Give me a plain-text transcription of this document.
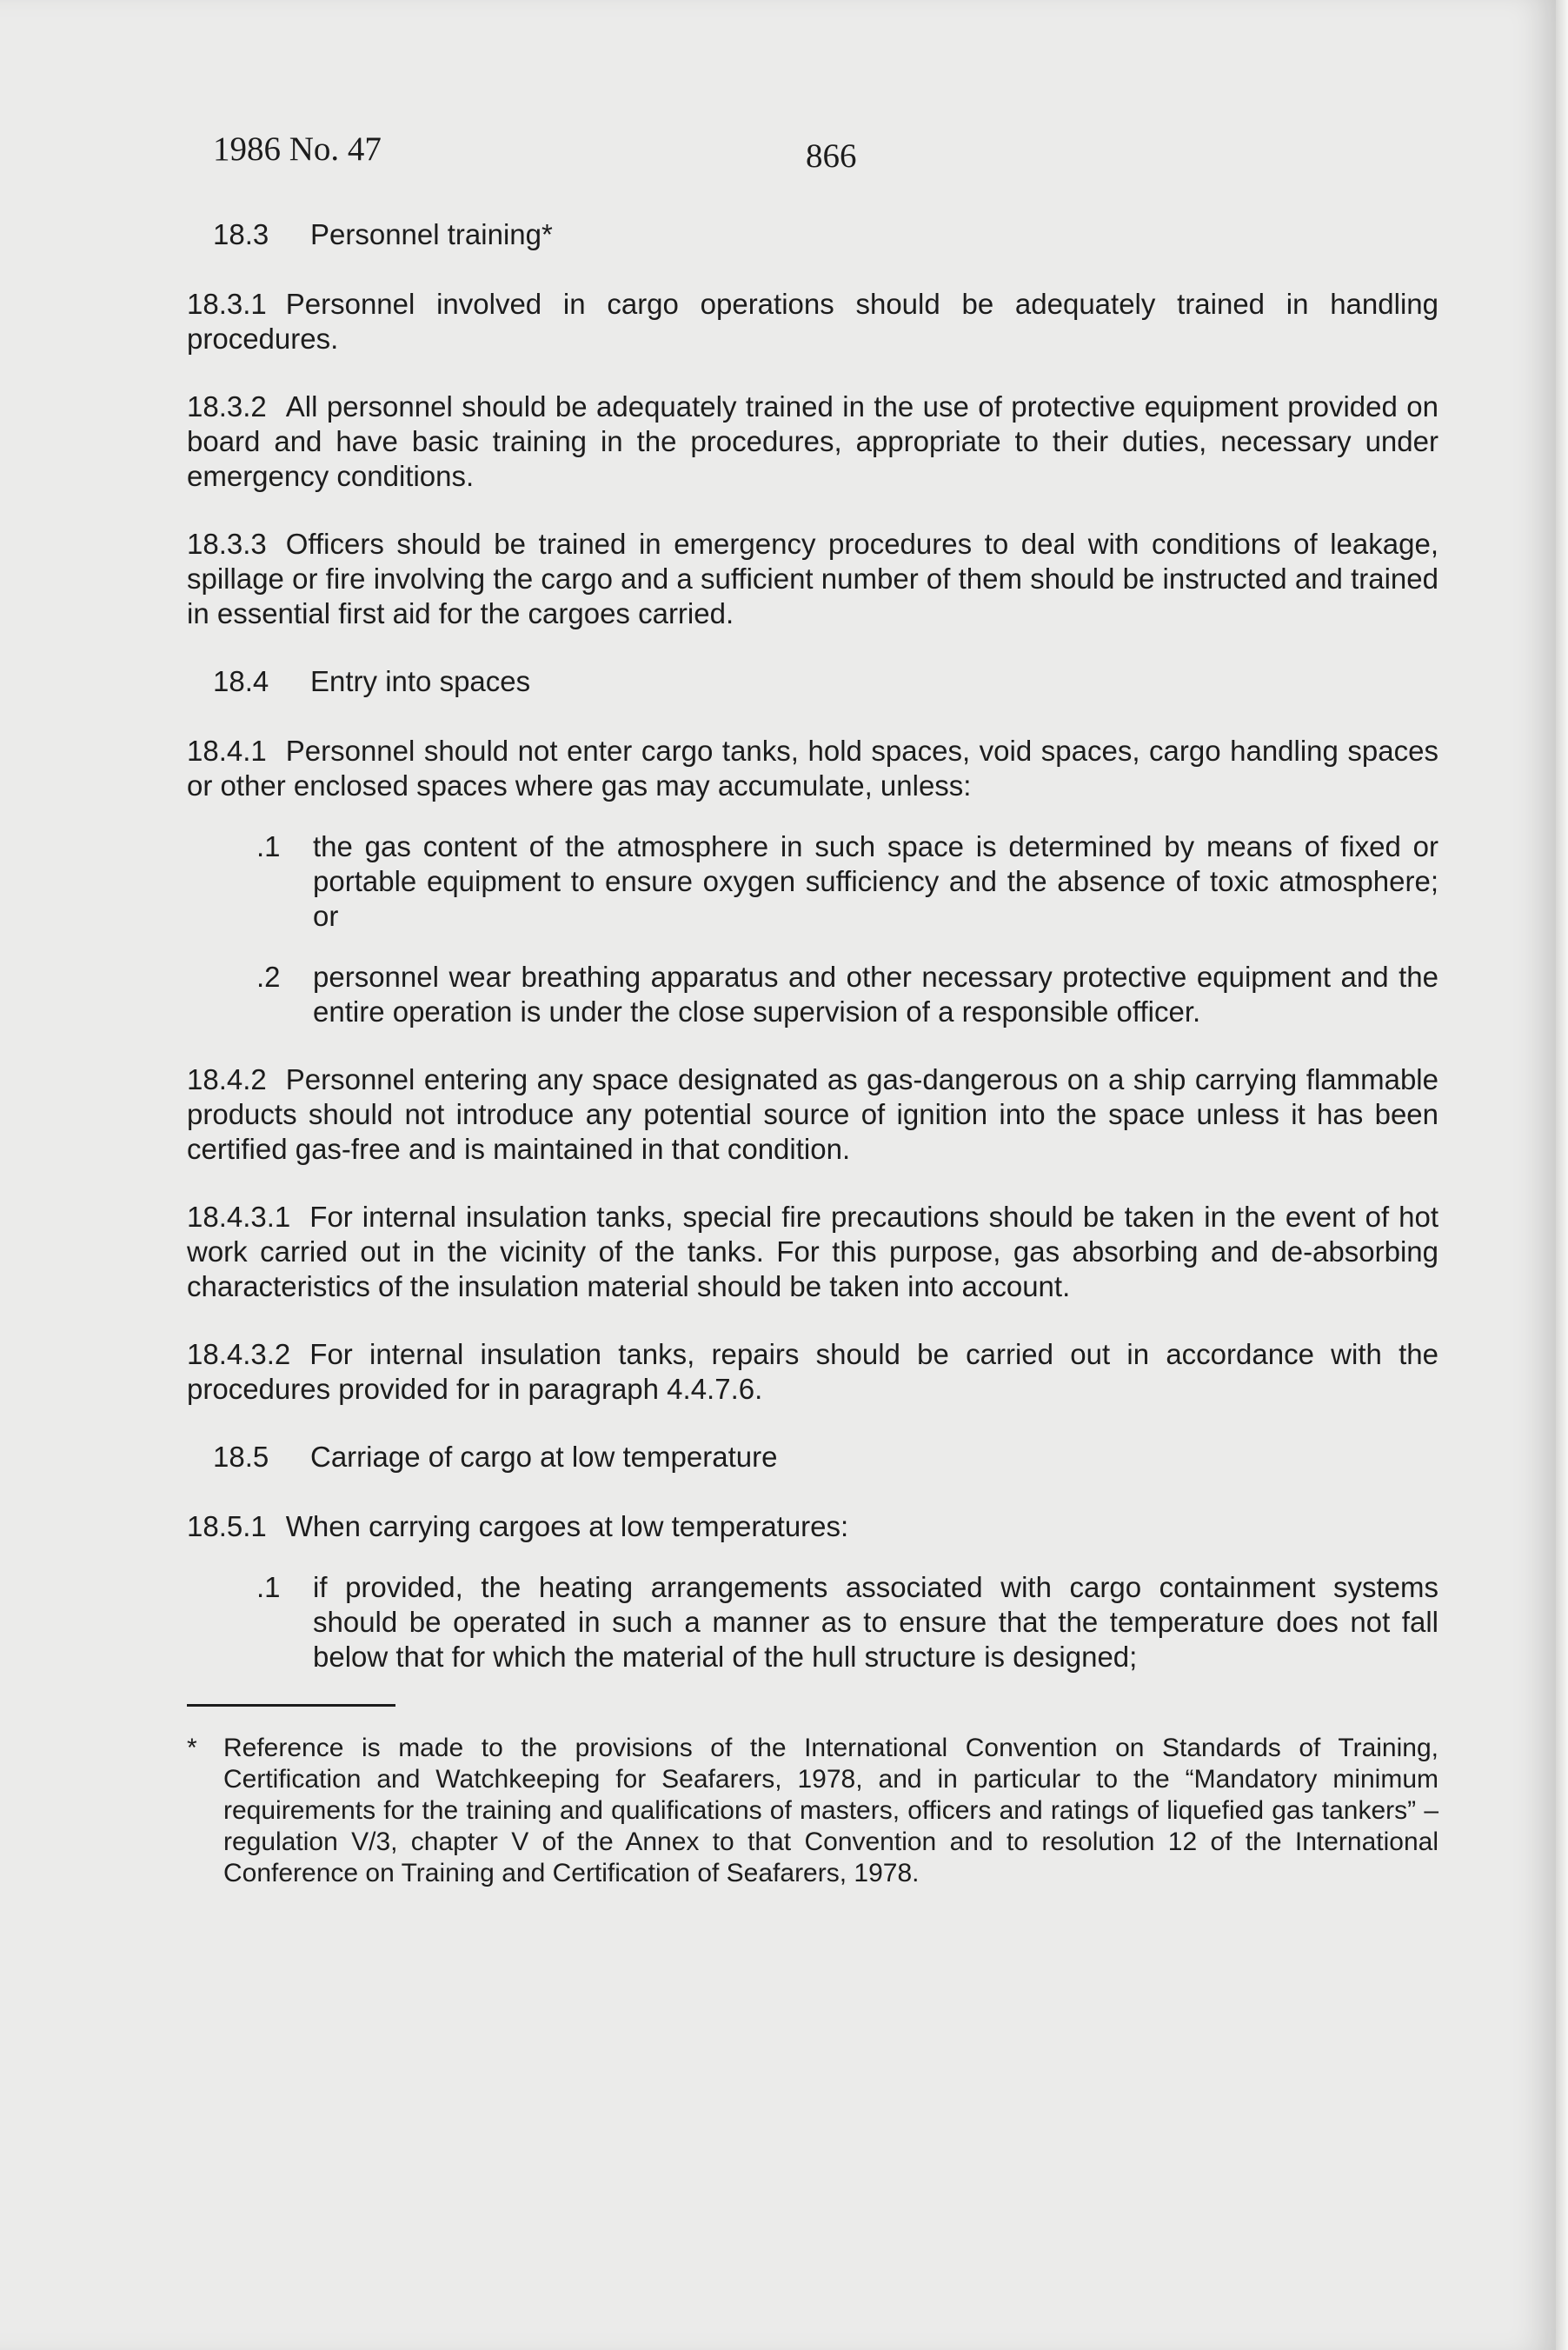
1986 No. 47	866
18.3 Personnel training*

18.3.1 Personnel involved in cargo operations should be adequately trained in handling procedures.

18.3.2 All personnel should be adequately trained in the use of protective equipment provided on board and have basic training in the procedures, appropriate to their duties, necessary under emergency conditions.

18.3.3 Officers should be trained in emergency procedures to deal with conditions of leakage, spillage or fire involving the cargo and a sufficient number of them should be instructed and trained in essential first aid for the cargoes carried.

18.4 Entry into spaces

18.4.1 Personnel should not enter cargo tanks, hold spaces, void spaces, cargo handling spaces or other enclosed spaces where gas may accumulate, unless:

.1	the gas content of the atmosphere in such space is determined by means of fixed or portable equipment to ensure oxygen sufficiency and the absence of toxic atmosphere; or
.2	personnel wear breathing apparatus and other necessary protective equipment and the entire operation is under the close supervision of a responsible officer.

18.4.2 Personnel entering any space designated as gas-dangerous on a ship carrying flammable products should not introduce any potential source of ignition into the space unless it has been certified gas-free and is maintained in that condition.

18.4.3.1 For internal insulation tanks, special fire precautions should be taken in the event of hot work carried out in the vicinity of the tanks. For this purpose, gas absorbing and de-absorbing characteristics of the insulation material should be taken into account.

18.4.3.2 For internal insulation tanks, repairs should be carried out in accordance with the procedures provided for in paragraph 4.4.7.6.

18.5 Carriage of cargo at low temperature

18.5.1 When carrying cargoes at low temperatures:

.1	if provided, the heating arrangements associated with cargo containment systems should be operated in such a manner as to ensure that the temperature does not fall below that for which the material of the hull structure is designed;
*	Reference is made to the provisions of the International Convention on Standards of Training, Certification and Watchkeeping for Seafarers, 1978, and in particular to the “Mandatory minimum requirements for the training and qualifications of masters, officers and ratings of liquefied gas tankers” – regulation V/3, chapter V of the Annex to that Convention and to resolution 12 of the International Conference on Training and Certification of Seafarers, 1978.
